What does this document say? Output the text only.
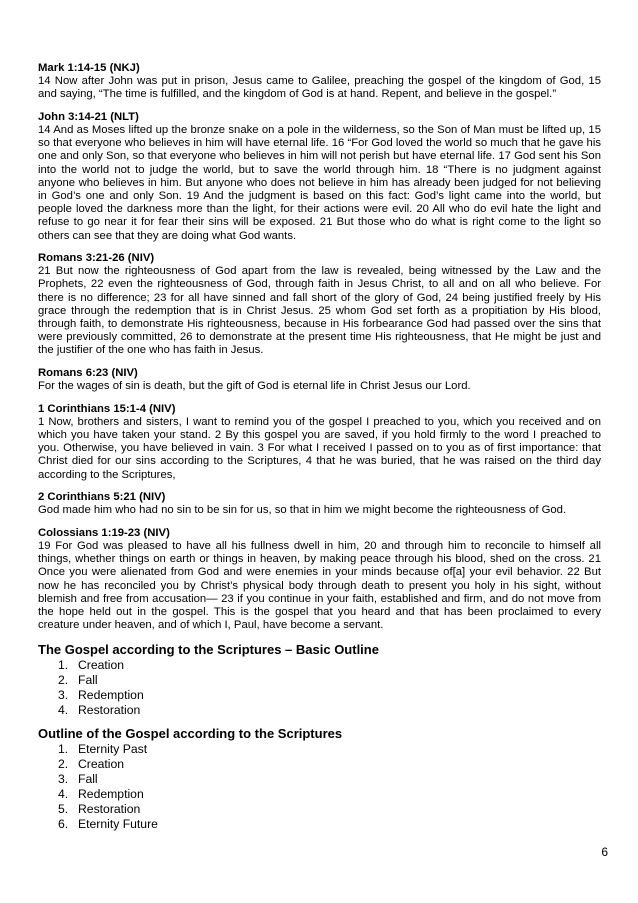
Mark 1:14-15 (NKJ)

14 Now after John was put in prison, Jesus came to Galilee, preaching the gospel of the kingdom of God, 15 and saying, “The time is fulfilled, and the kingdom of God is at hand. Repent, and believe in the gospel.”

John 3:14-21 (NLT)

14 And as Moses lifted up the bronze snake on a pole in the wilderness, so the Son of Man must be lifted up, 15 so that everyone who believes in him will have eternal life. 16 “For God loved the world so much that he gave his one and only Son, so that everyone who believes in him will not perish but have eternal life. 17 God sent his Son into the world not to judge the world, but to save the world through him. 18 “There is no judgment against anyone who believes in him. But anyone who does not believe in him has already been judged for not believing in God’s one and only Son. 19 And the judgment is based on this fact: God’s light came into the world, but people loved the darkness more than the light, for their actions were evil. 20 All who do evil hate the light and refuse to go near it for fear their sins will be exposed. 21 But those who do what is right come to the light so others can see that they are doing what God wants.

Romans 3:21-26 (NIV)

21 But now the righteousness of God apart from the law is revealed, being witnessed by the Law and the Prophets, 22 even the righteousness of God, through faith in Jesus Christ, to all and on all who believe. For there is no difference; 23 for all have sinned and fall short of the glory of God, 24 being justified freely by His grace through the redemption that is in Christ Jesus. 25 whom God set forth as a propitiation by His blood, through faith, to demonstrate His righteousness, because in His forbearance God had passed over the sins that were previously committed, 26 to demonstrate at the present time His righteousness, that He might be just and the justifier of the one who has faith in Jesus.

Romans 6:23 (NIV)

For the wages of sin is death, but the gift of God is eternal life in Christ Jesus our Lord.

1 Corinthians 15:1-4 (NIV)

1 Now, brothers and sisters, I want to remind you of the gospel I preached to you, which you received and on which you have taken your stand. 2 By this gospel you are saved, if you hold firmly to the word I preached to you. Otherwise, you have believed in vain. 3 For what I received I passed on to you as of first importance: that Christ died for our sins according to the Scriptures, 4 that he was buried, that he was raised on the third day according to the Scriptures,

2 Corinthians 5:21 (NIV)

God made him who had no sin to be sin for us, so that in him we might become the righteousness of God.

Colossians 1:19-23 (NIV)

19 For God was pleased to have all his fullness dwell in him, 20 and through him to reconcile to himself all things, whether things on earth or things in heaven, by making peace through his blood, shed on the cross. 21 Once you were alienated from God and were enemies in your minds because of[a] your evil behavior. 22 But now he has reconciled you by Christ’s physical body through death to present you holy in his sight, without blemish and free from accusation— 23 if you continue in your faith, established and firm, and do not move from the hope held out in the gospel. This is the gospel that you heard and that has been proclaimed to every creature under heaven, and of which I, Paul, have become a servant.

The Gospel according to the Scriptures – Basic Outline
1. Creation
2. Fall
3. Redemption
4. Restoration
Outline of the Gospel according to the Scriptures
1. Eternity Past
2. Creation
3. Fall
4. Redemption
5. Restoration
6. Eternity Future
6
